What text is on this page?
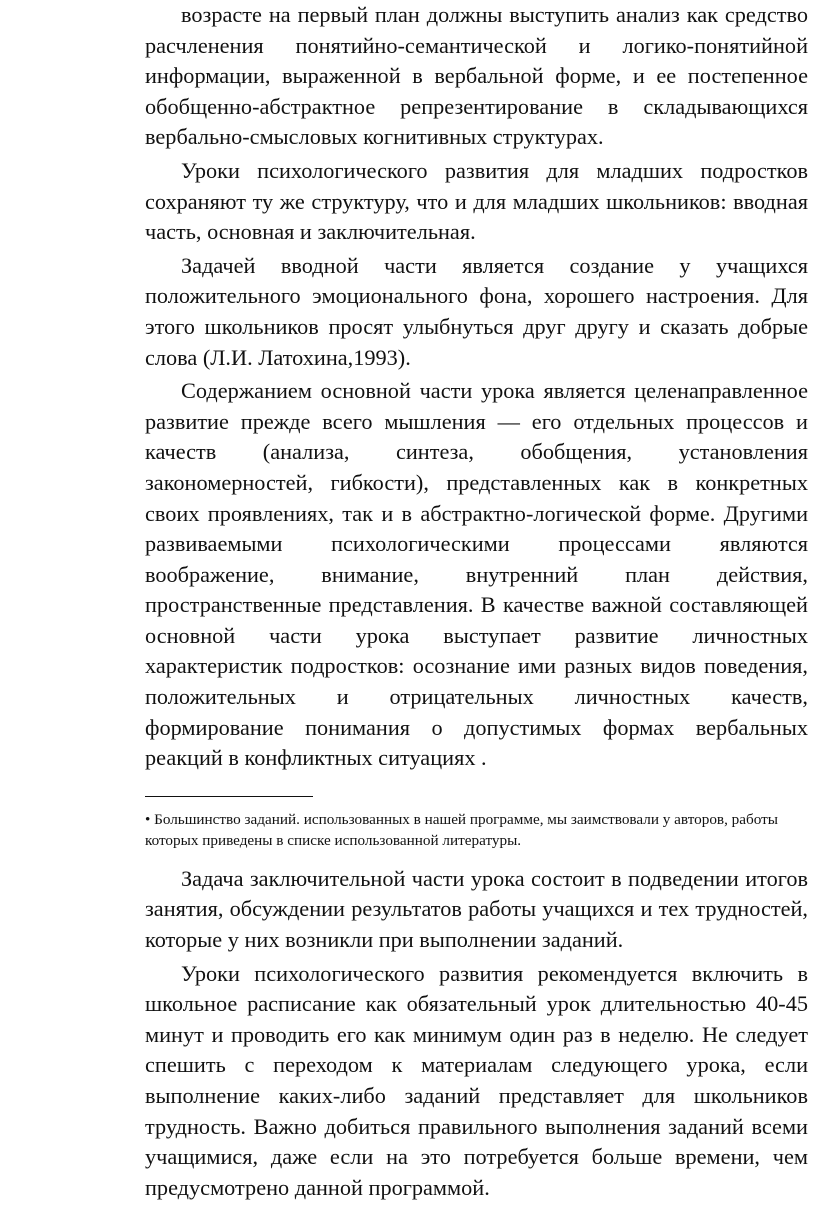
возрасте на первый план должны выступить анализ как средство расчленения понятийно-семантической и логико-понятийной информации, выраженной в вербальной форме, и ее постепенное обобщенно-абстрактное репрезентирование в складывающихся вербально-смысловых когнитивных структурах.

Уроки психологического развития для младших подростков сохраняют ту же структуру, что и для младших школьников: вводная часть, основная и заключительная.

Задачей вводной части является создание у учащихся положительного эмоционального фона, хорошего настроения. Для этого школьников просят улыбнуться друг другу и сказать добрые слова (Л.И. Латохина,1993).

Содержанием основной части урока является целенаправленное развитие прежде всего мышления — его отдельных процессов и качеств (анализа, синтеза, обобщения, установления закономерностей, гибкости), представленных как в конкретных своих проявлениях, так и в абстрактно-логической форме. Другими развиваемыми психологическими процессами являются воображение, внимание, внутренний план действия, пространственные представления. В качестве важной составляющей основной части урока выступает развитие личностных характеристик подростков: осознание ими разных видов поведения, положительных и отрицательных личностных качеств, формирование понимания о допустимых формах вербальных реакций в конфликтных ситуациях .

• Большинство заданий. использованных в нашей программе, мы заимствовали у авторов, работы которых приведены в списке использованной литературы.

Задача заключительной части урока состоит в подведении итогов занятия, обсуждении результатов работы учащихся и тех трудностей, которые у них возникли при выполнении заданий.

Уроки психологического развития рекомендуется включить в школьное расписание как обязательный урок длительностью 40-45 минут и проводить его как минимум один раз в неделю. Не следует спешить с переходом к материалам следующего урока, если выполнение каких-либо заданий представляет для школьников трудность. Важно добиться правильного выполнения заданий всеми учащимися, даже если на это потребуется больше времени, чем предусмотрено данной программой.
